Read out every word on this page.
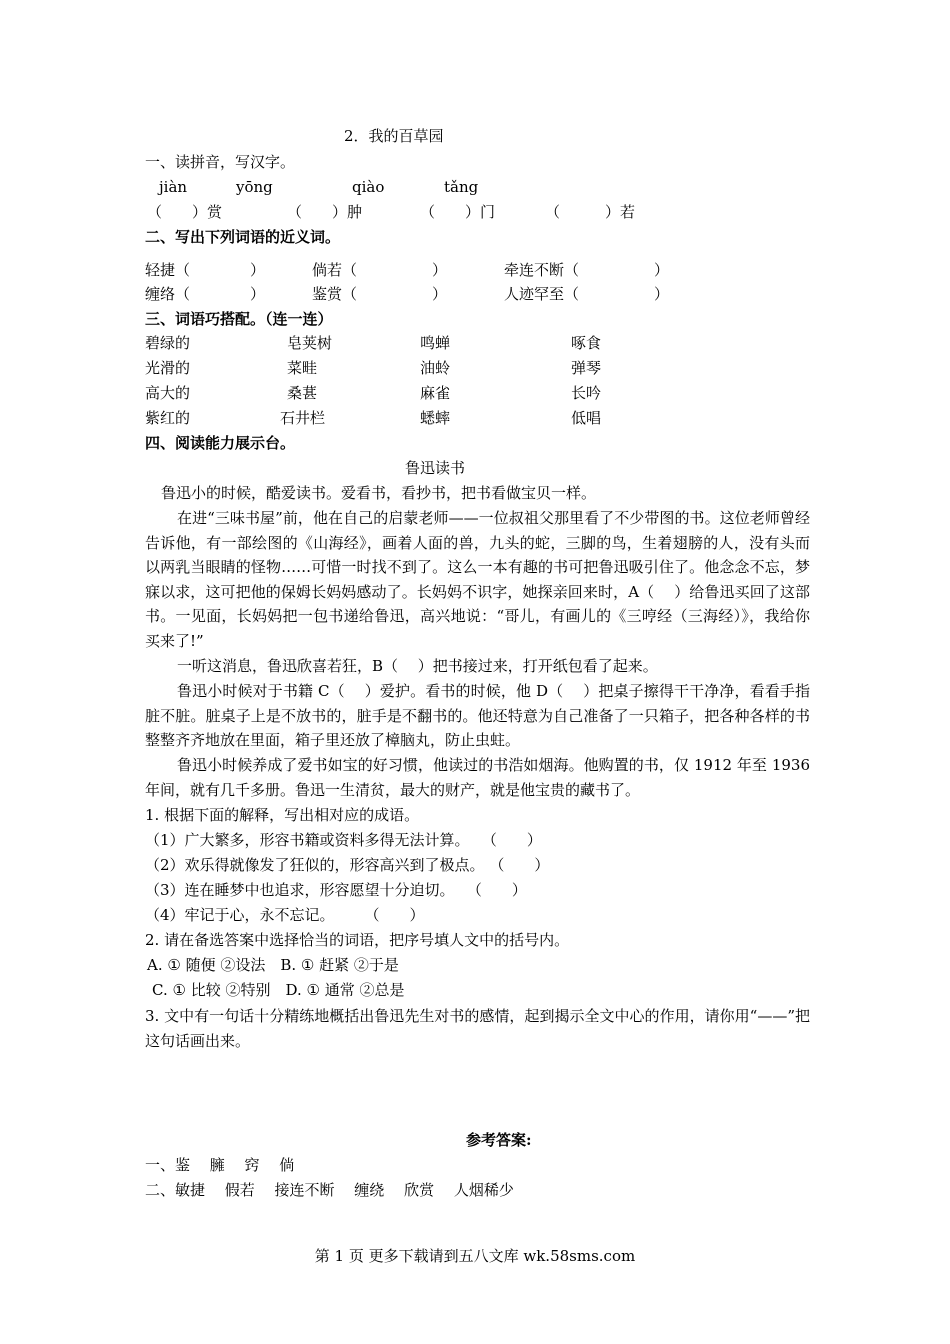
2．我的百草园
一、读拼音，写汉字。
jiàn	yōng	qiào	tǎng
（　　）赏	（　　）肿	（　　）门	（　　　）若
二、写出下列词语的近义词。
轻捷（　　　　）	倘若（　　　　　）	牵连不断（　　　　　）
缠络（　　　　）	鉴赏（　　　　　）	人迹罕至（　　　　　）
三、词语巧搭配。（连一连）
碧绿的	皂荚树	鸣蝉	啄食
光滑的	菜畦	油蛉	弹琴
高大的	桑葚	麻雀	长吟
紫红的	石井栏	蟋蟀	低唱
四、阅读能力展示台。
鲁迅读书
鲁迅小的时候，酷爱读书。爱看书，看抄书，把书看做宝贝一样。
在进“三味书屋”前，他在自己的启蒙老师——一位叔祖父那里看了不少带图的书。这位老师曾经告诉他，有一部绘图的《山海经》，画着人面的兽，九头的蛇，三脚的鸟，生着翅膀的人，没有头而以两乳当眼睛的怪物……可惜一时找不到了。这么一本有趣的书可把鲁迅吸引住了。他念念不忘，梦寐以求，这可把他的保姆长妈妈感动了。长妈妈不识字，她探亲回来时，A（　 ）给鲁迅买回了这部书。一见面，长妈妈把一包书递给鲁迅，高兴地说：“哥儿，有画儿的《三哼经（三海经）》，我给你买来了!”
一听这消息，鲁迅欣喜若狂，B（　 ）把书接过来，打开纸包看了起来。
鲁迅小时候对于书籍 C（　 ）爱护。看书的时候，他 D（　 ）把桌子擦得干干净净，看看手指脏不脏。脏桌子上是不放书的，脏手是不翻书的。他还特意为自己准备了一只箱子，把各种各样的书整整齐齐地放在里面，箱子里还放了樟脑丸，防止虫蛀。
鲁迅小时候养成了爱书如宝的好习惯，他读过的书浩如烟海。他购置的书，仅 1912 年至 1936 年间，就有几千多册。鲁迅一生清贫，最大的财产，就是他宝贵的藏书了。
1. 根据下面的解释，写出相对应的成语。
（1）广大繁多，形容书籍或资料多得无法计算。　 （　　）
（2）欢乐得就像发了狂似的，形容高兴到了极点。 （　　）
（3）连在睡梦中也追求，形容愿望十分迫切。　 （　　）
（4）牢记于心，永不忘记。　　　（　　）
2. 请在备选答案中选择恰当的词语，把序号填人文中的括号内。
A. ① 随便 ②设法　B. ① 赶紧 ②于是
C. ① 比较 ②特别　D. ① 通常 ②总是
3. 文中有一句话十分精练地概括出鲁迅先生对书的感情，起到揭示全文中心的作用，请你用“——”把这句话画出来。
参考答案:
一、鉴　 臃　 窍　 倘
二、敏捷　 假若　 接连不断　 缠绕　 欣赏　 人烟稀少
第 1 页 更多下载请到五八文库 wk.58sms.com
